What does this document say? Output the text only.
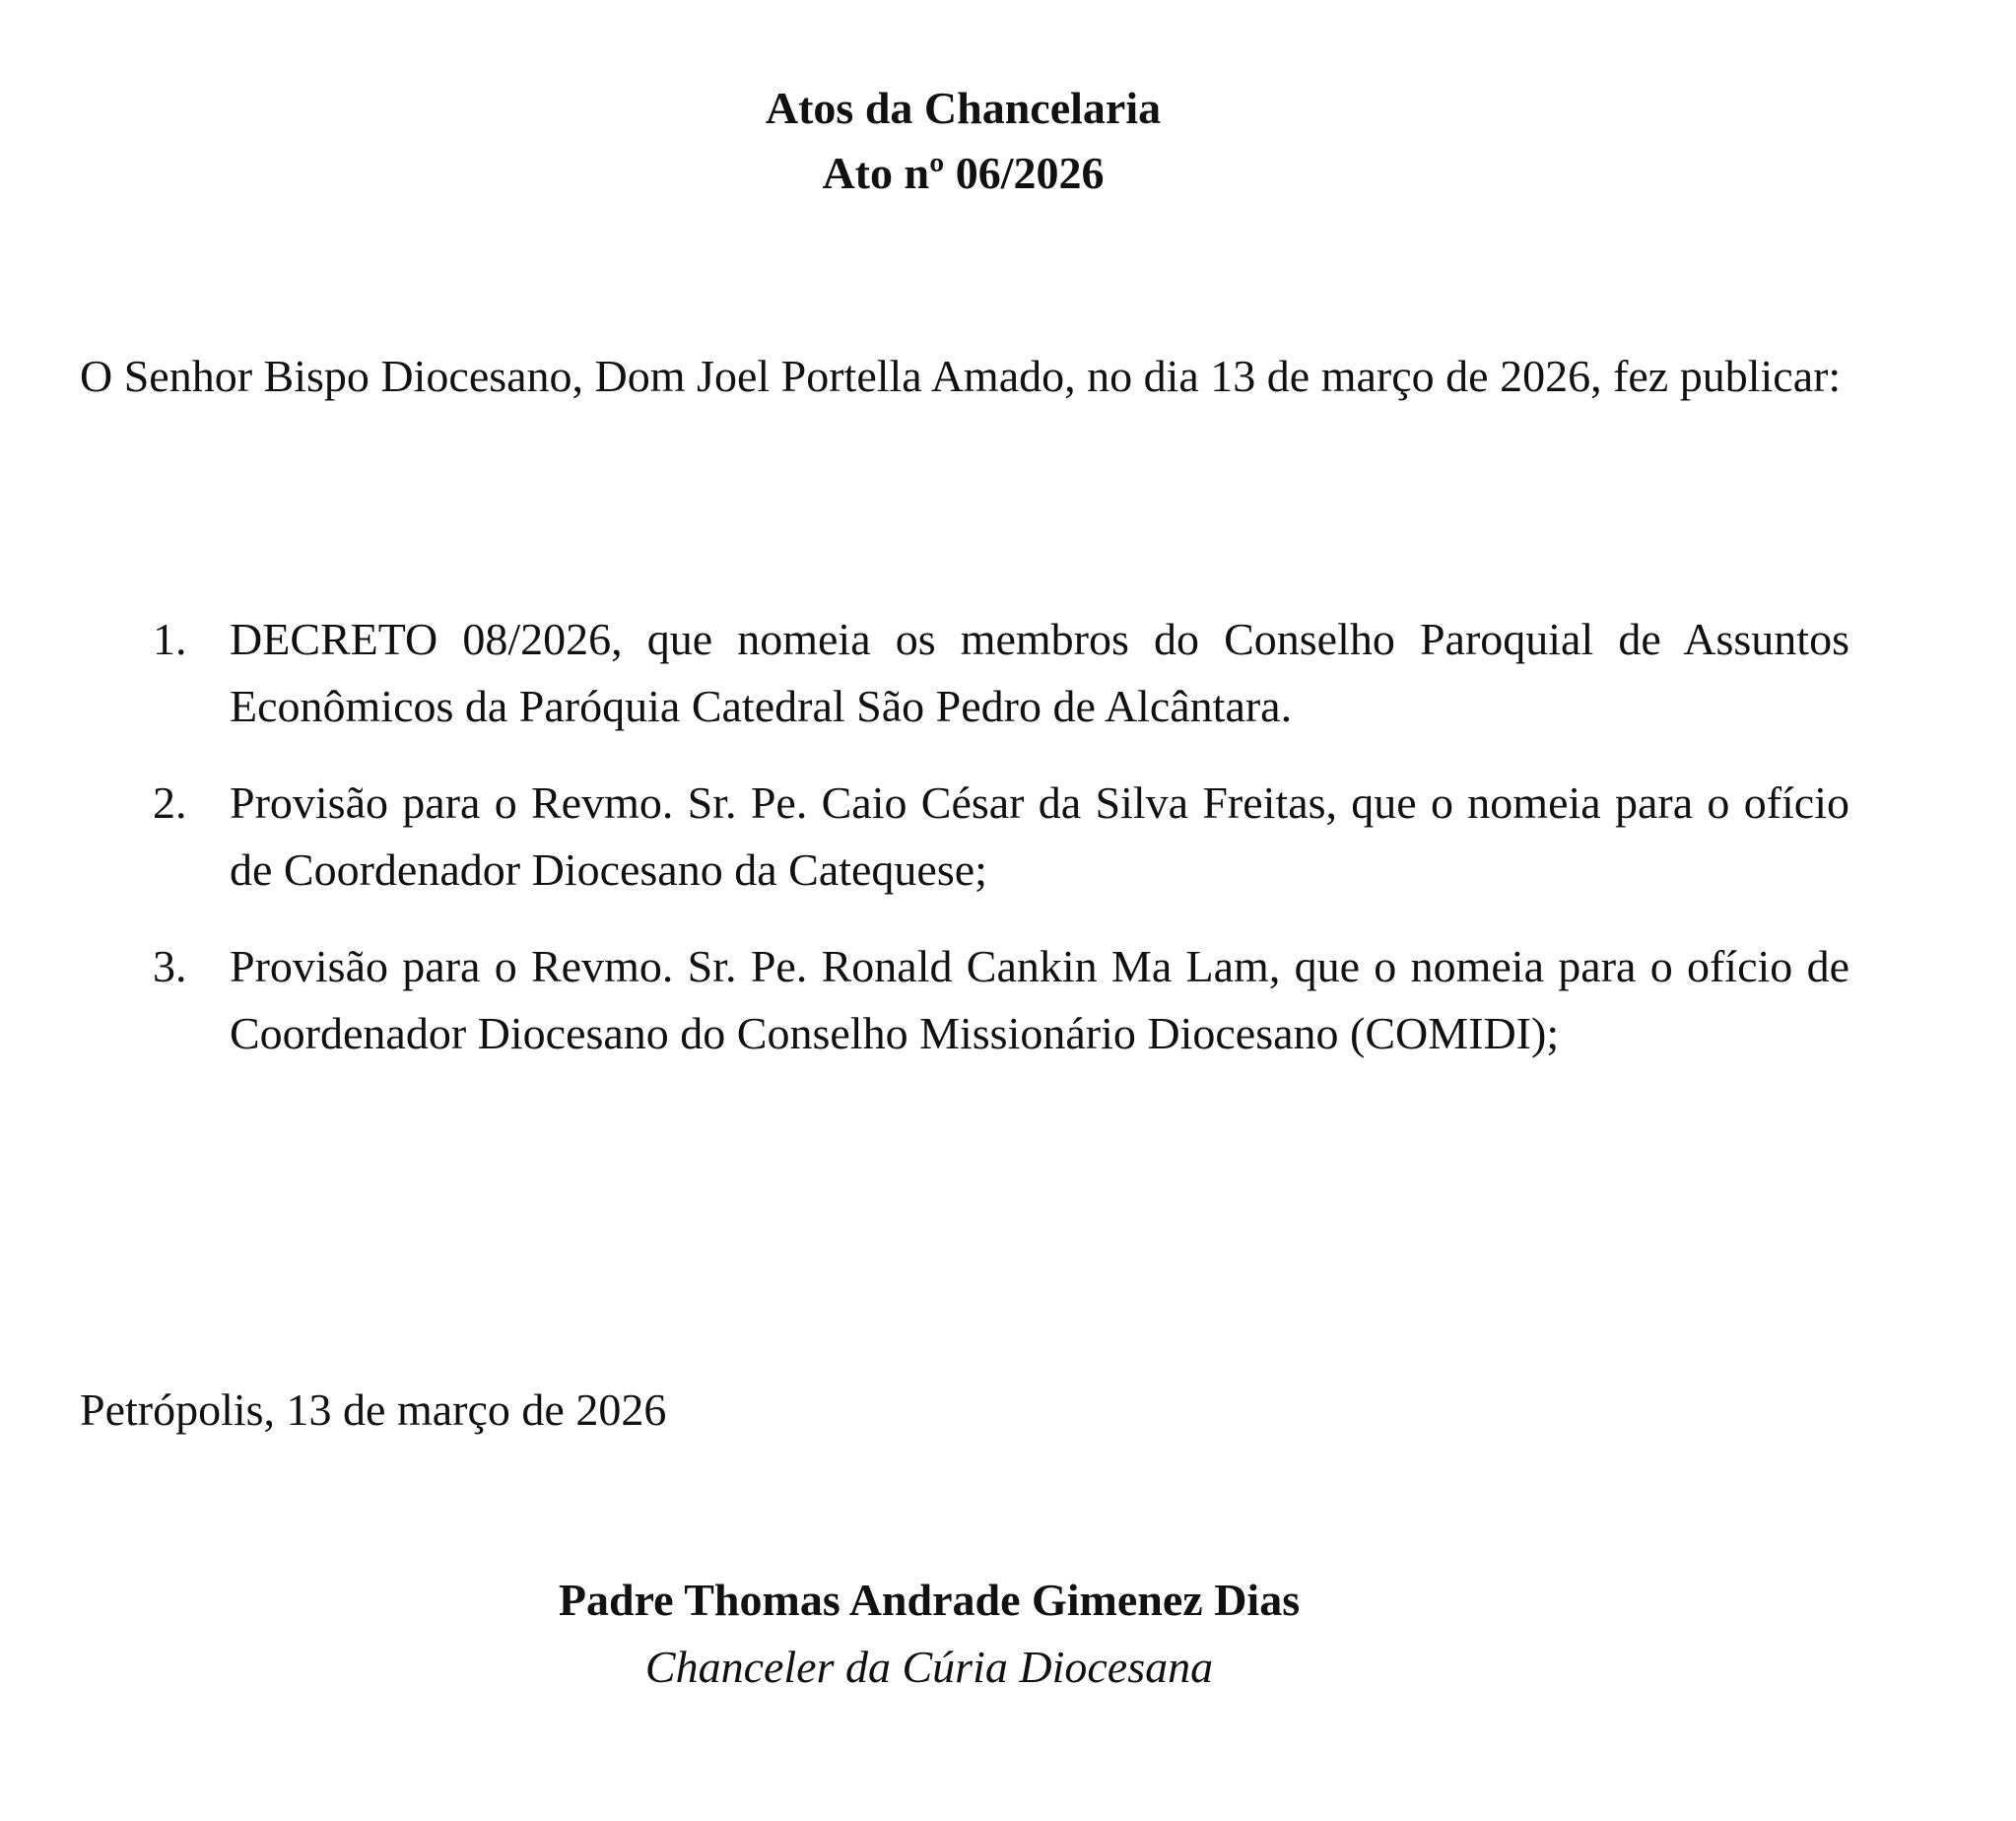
Atos da Chancelaria
Ato nº 06/2026

O Senhor Bispo Diocesano, Dom Joel Portella Amado, no dia 13 de março de 2026, fez publicar:

1. DECRETO 08/2026, que nomeia os membros do Conselho Paroquial de Assuntos Econômicos da Paróquia Catedral São Pedro de Alcântara.
2. Provisão para o Revmo. Sr. Pe. Caio César da Silva Freitas, que o nomeia para o ofício de Coordenador Diocesano da Catequese;
3. Provisão para o Revmo. Sr. Pe. Ronald Cankin Ma Lam, que o nomeia para o ofício de Coordenador Diocesano do Conselho Missionário Diocesano (COMIDI);
Petrópolis, 13 de março de 2026
Padre Thomas Andrade Gimenez Dias
Chanceler da Cúria Diocesana
